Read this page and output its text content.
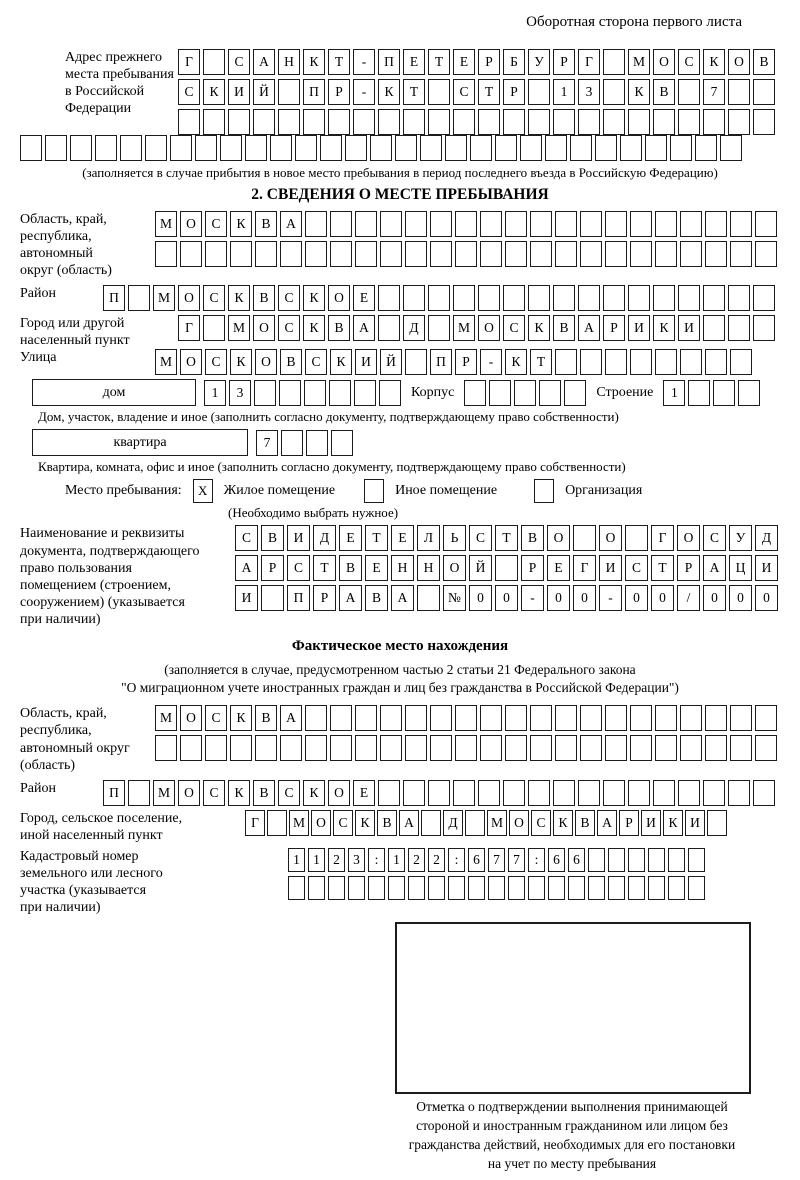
Оборотная сторона первого листа
Адрес прежнего
места пребывания
в Российской
Федерации
Г	С	А	Н	К	Т	-	П	Е	Т	Е	Р	Б	У	Р	Г	М	О	С	К	О	В
С	К	И	Й	П	Р	-	К	Т	С	Т	Р	1	3	К	В	7
(заполняется в случае прибытия в новое место пребывания в период последнего въезда в Российскую Федерацию)
2. СВЕДЕНИЯ О МЕСТЕ ПРЕБЫВАНИЯ
Область, край,
республика,
автономный
округ (область)
М	О	С	К	В	А
Район	П	М	О	С	К	В	С	К	О	Е
Город или другой
населенный пункт
Г	М	О	С	К	В	А	Д	М	О	С	К	В	А	Р	И	К	И
Улица	М	О	С	К	О	В	С	К	И	Й	П	Р	-	К	Т
дом	1	3	Корпус	Строение	1
Дом, участок, владение и иное (заполнить согласно документу, подтверждающему право собственности)
квартира	7
Квартира, комната, офис и иное (заполнить согласно документу, подтверждающему право собственности)
Место пребывания:	X	Жилое помещение	Иное помещение	Организация
(Необходимо выбрать нужное)
Наименование и реквизиты
документа, подтверждающего
право пользования
помещением (строением,
сооружением) (указывается
при наличии)
С	В	И	Д	Е	Т	Е	Л	Ь	С	Т	В	О	О	Г	О	С	У	Д
А	Р	С	Т	В	Е	Н	Н	О	Й	Р	Е	Г	И	С	Т	Р	А	Ц	И
И	П	Р	А	В	А	№	0	0	-	0	0	-	0	0	/	0	0	0
Фактическое место нахождения
(заполняется в случае, предусмотренном частью 2 статьи 21 Федерального закона
"О миграционном учете иностранных граждан и лиц без гражданства в Российской Федерации")
Область, край,
республика,
автономный округ
(область)
М	О	С	К	В	А
Район	П	М	О	С	К	В	С	К	О	Е
Город, сельское поселение,
иной населенный пункт
Г	М О С К В А	Д	М О С К В А Р И К И
Кадастровый номер
земельного или лесного
участка (указывается
при наличии)
1 1 2 3	:	1 2 2	:	6 7 7	:	6 6
Отметка о подтверждении выполнения принимающей
стороной и иностранным гражданином или лицом без
гражданства действий, необходимых для его постановки
на учет по месту пребывания
